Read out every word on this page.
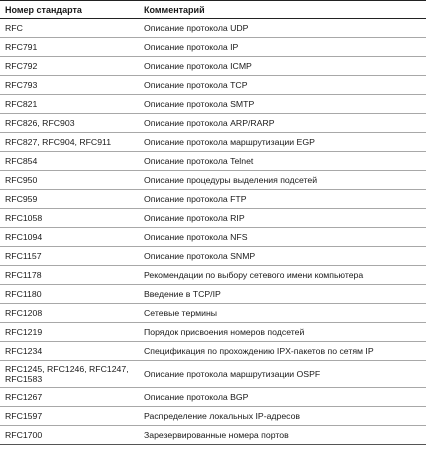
Номер стандарта	Комментарий
RFC	Описание протокола UDP
RFC791	Описание протокола IP
RFC792	Описание протокола ICMP
RFC793	Описание протокола TCP
RFC821	Описание протокола SMTP
RFC826, RFC903	Описание протокола ARP/RARP
RFC827, RFC904, RFC911	Описание протокола маршрутизации EGP
RFC854	Описание протокола Telnet
RFC950	Описание процедуры выделения подсетей
RFC959	Описание протокола FTP
RFC1058	Описание протокола RIP
RFC1094	Описание протокола NFS
RFC1157	Описание протокола SNMP
RFC1178	Рекомендации по выбору сетевого имени компьютера
RFC1180	Введение в TCP/IP
RFC1208	Сетевые термины
RFC1219	Порядок присвоения номеров подсетей
RFC1234	Спецификация по прохождению IPX-пакетов по сетям IP
RFC1245, RFC1246, RFC1247, RFC1583	Описание протокола маршрутизации OSPF
RFC1267	Описание протокола BGP
RFC1597	Распределение локальных IP-адресов
RFC1700	Зарезервированные номера портов
